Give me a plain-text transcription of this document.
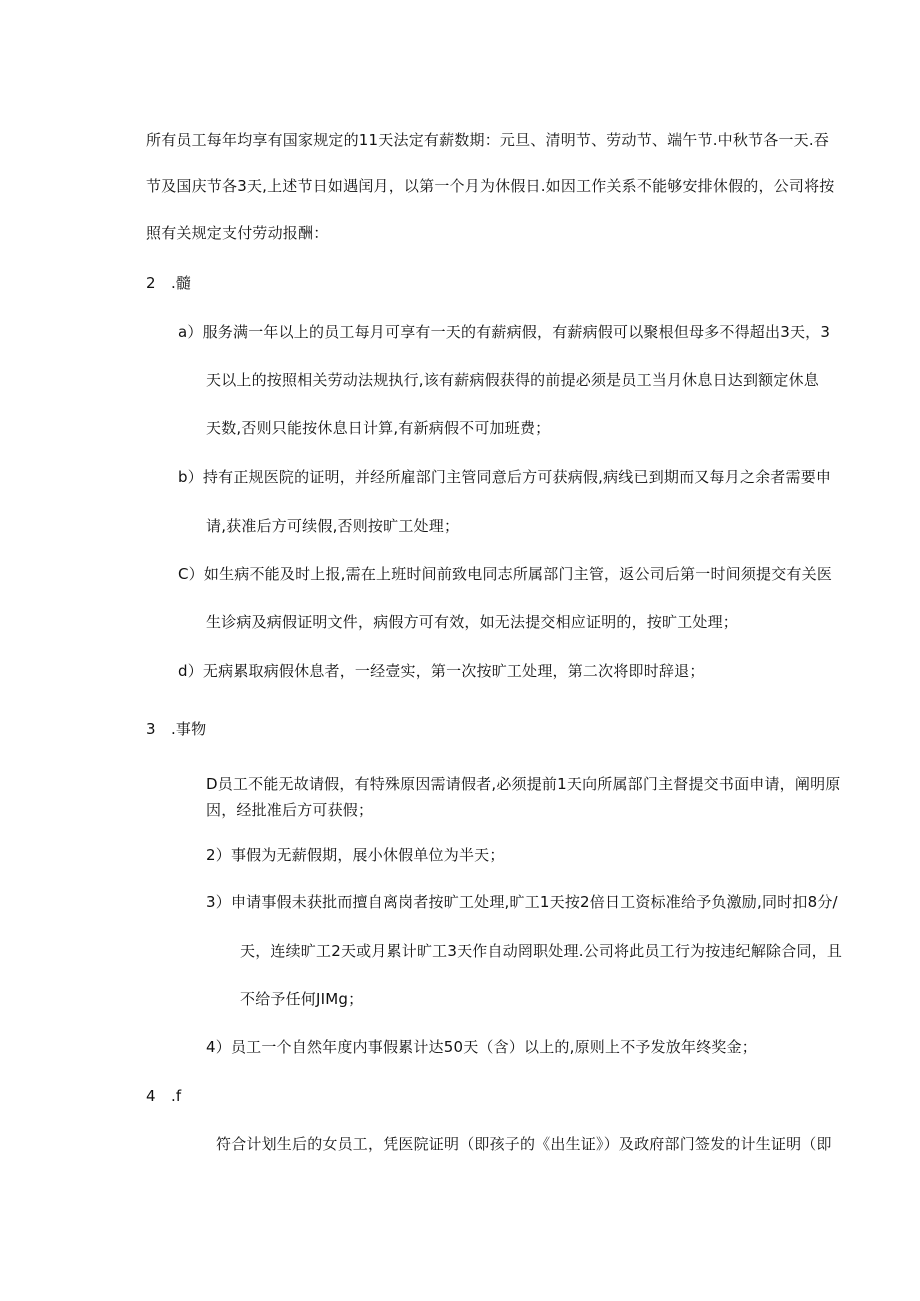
所有员工每年均享有国家规定的11天法定有薪数期：元旦、清明节、劳动节、端午节.中秋节各一天.吞
节及国庆节各3天,上述节日如遇闰月，以第一个月为休假日.如因工作关系不能够安排休假的，公司将按
照有关规定支付劳动报酬：
2　.髓
a）服务满一年以上的员工每月可享有一天的有薪病假，有薪病假可以聚根但母多不得超出3天，3
天以上的按照相关劳动法规执行,该有薪病假获得的前提必须是员工当月休息日达到额定休息
天数,否则只能按休息日计算,有新病假不可加班费；
b）持有正规医院的证明，并经所雇部门主管同意后方可获病假,病线已到期而又每月之余者需要申
请,获准后方可续假,否则按旷工处理；
C）如生病不能及时上报,需在上班时间前致电同志所属部门主管，返公司后第一时间须提交有关医
生诊病及病假证明文件，病假方可有效，如无法提交相应证明的，按旷工处理；
d）无病累取病假休息者，一经壹实，第一次按旷工处理，第二次将即时辞退；
3　.事物
D员工不能无故请假，有特殊原因需请假者,必须提前1天向所属部门主督提交书面申请，阐明原
因，经批准后方可获假；
2）事假为无薪假期，展小休假单位为半天；
3）申请事假未获批而擅自离岗者按旷工处理,旷工1天按2倍日工资标准给予负激励,同时扣8分/
天，连续旷工2天或月累计旷工3天作自动罔职处理.公司将此员工行为按违纪解除合同，且
不给予任何JIMg；
4）员工一个自然年度内事假累计达50天（含）以上的,原则上不予发放年终奖金；
4　.f
符合计划生后的女员工，凭医院证明（即孩子的《出生证》）及政府部门签发的计生证明（即
